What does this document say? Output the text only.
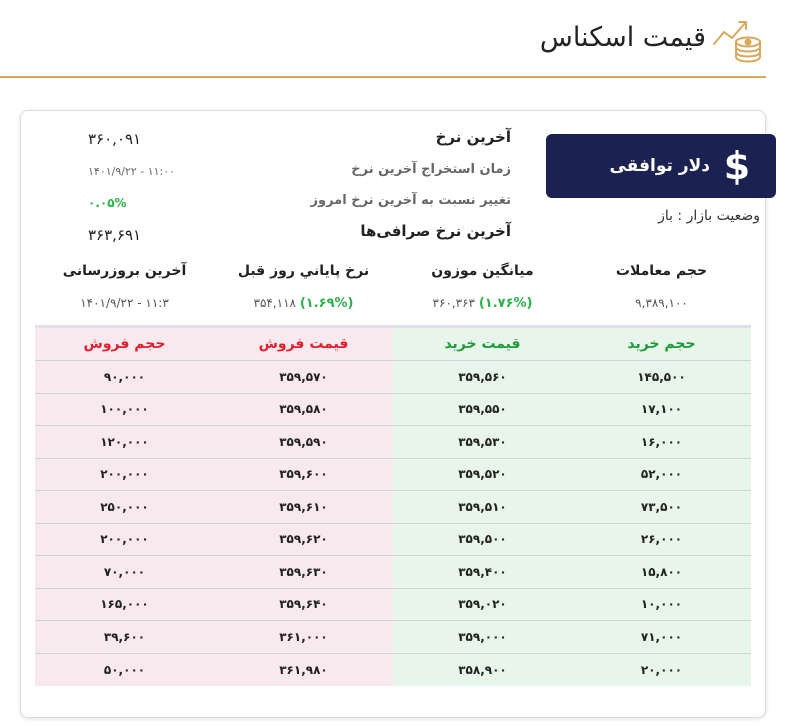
قیمت اسکناس
دلار توافقی $
وضعیت بازار : باز
آخرین نرخ
۳۶۰,۰۹۱
زمان استخراج آخرین نرخ
۱۴۰۱/۹/۲۲ - ۱۱:۰۰
تغییر نسبت به آخرین نرخ امروز
۰.۰۵%
آخرین نرخ صرافی‌ها
۳۶۳,۶۹۱
حجم معاملات
۹,۳۸۹,۱۰۰
میانگین موزون
۳۶۰,۳۶۳ (۱.۷۶%)
نرخ پاياني روز قبل
۳۵۴,۱۱۸ (۱.۶۹%)
آخرین بروزرسانی
۱۴۰۱/۹/۲۲ - ۱۱:۳
حجم فروش	قیمت فروش	قیمت خرید	حجم خرید
۹۰,۰۰۰	۳۵۹,۵۷۰	۳۵۹,۵۶۰	۱۴۵,۵۰۰
۱۰۰,۰۰۰	۳۵۹,۵۸۰	۳۵۹,۵۵۰	۱۷,۱۰۰
۱۲۰,۰۰۰	۳۵۹,۵۹۰	۳۵۹,۵۳۰	۱۶,۰۰۰
۲۰۰,۰۰۰	۳۵۹,۶۰۰	۳۵۹,۵۲۰	۵۲,۰۰۰
۲۵۰,۰۰۰	۳۵۹,۶۱۰	۳۵۹,۵۱۰	۷۳,۵۰۰
۲۰۰,۰۰۰	۳۵۹,۶۲۰	۳۵۹,۵۰۰	۲۶,۰۰۰
۷۰,۰۰۰	۳۵۹,۶۳۰	۳۵۹,۴۰۰	۱۵,۸۰۰
۱۶۵,۰۰۰	۳۵۹,۶۴۰	۳۵۹,۰۲۰	۱۰,۰۰۰
۳۹,۶۰۰	۳۶۱,۰۰۰	۳۵۹,۰۰۰	۷۱,۰۰۰
۵۰,۰۰۰	۳۶۱,۹۸۰	۳۵۸,۹۰۰	۲۰,۰۰۰
